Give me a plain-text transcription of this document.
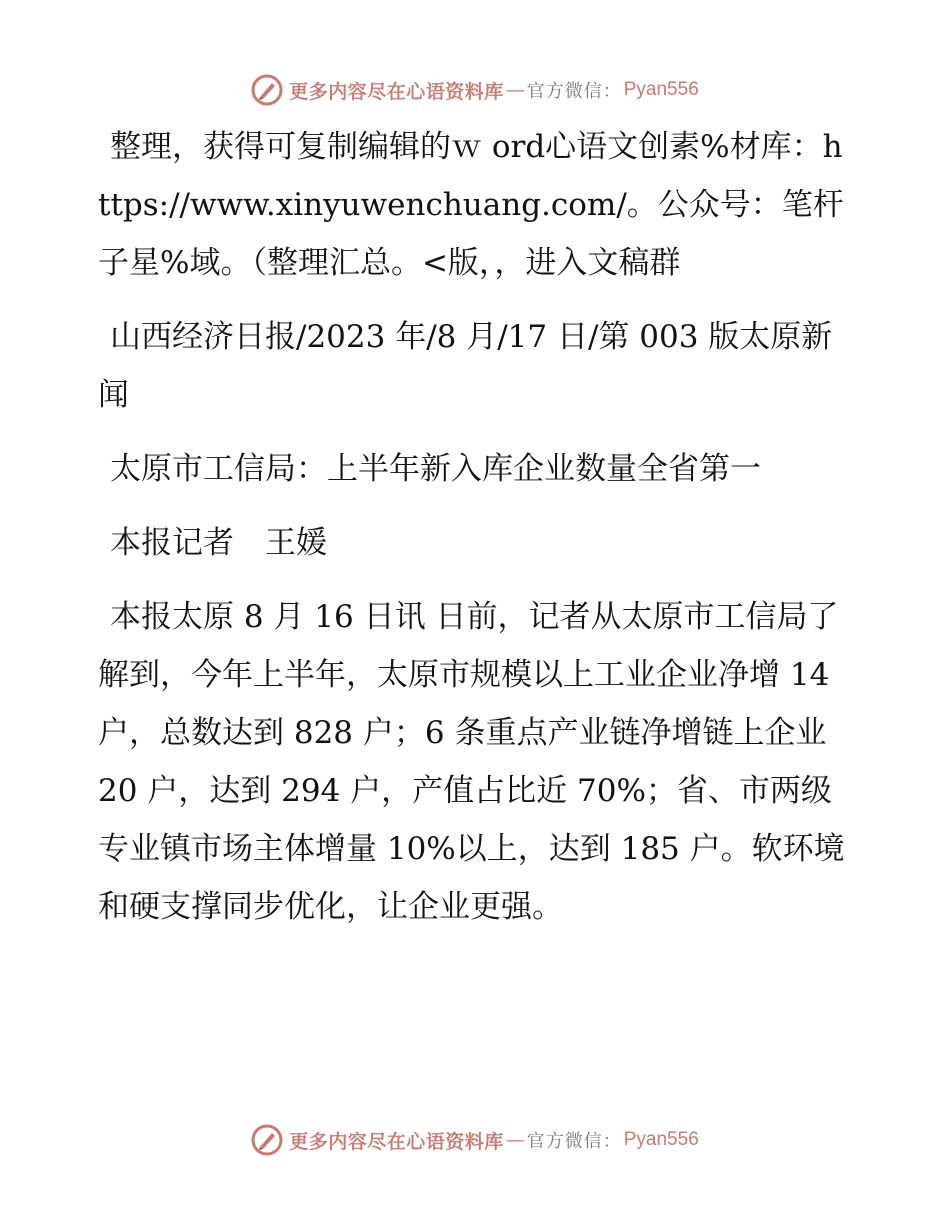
更多内容尽在心语资料库 — 官方微信： Pyan556

整理，获得可复制编辑的ｗ ord心语文创素%材库：https://www.xinyuwenchuang.com/。公众号：笔杆子星%域。（整理汇总。<版，，进入文稿群

山西经济日报/2023 年/8 月/17 日/第 003 版太原新闻

太原市工信局：上半年新入库企业数量全省第一

本报记者　王媛

本报太原 8 月 16 日讯 日前，记者从太原市工信局了解到，今年上半年，太原市规模以上工业企业净增 14 户，总数达到 828 户；6 条重点产业链净增链上企业 20 户，达到 294 户，产值占比近 70%；省、市两级专业镇市场主体增量 10%以上，达到 185 户。软环境和硬支撑同步优化，让企业更强。

更多内容尽在心语资料库 — 官方微信： Pyan556
